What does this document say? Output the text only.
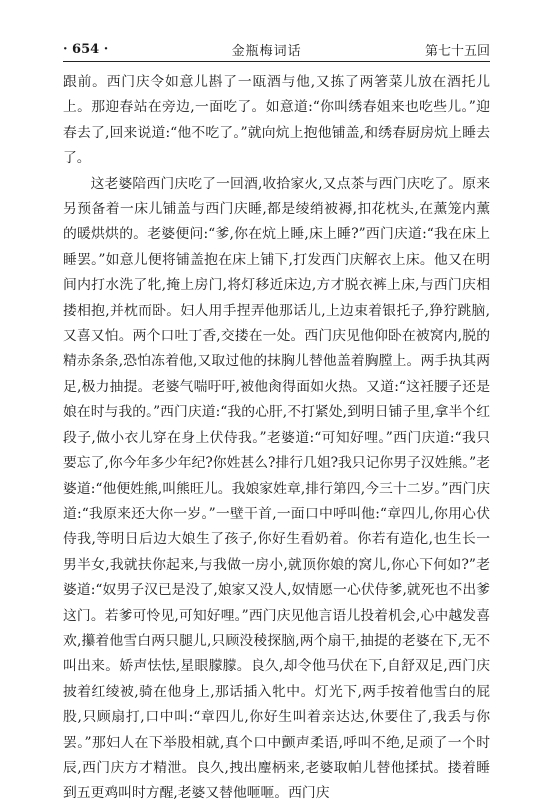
· 654 ·	金瓶梅词话	第七十五回

跟前。西门庆令如意儿斟了一瓯酒与他,又拣了两箸菜儿放在酒托儿上。那迎春站在旁边,一面吃了。如意道:“你叫绣春姐来也吃些儿。”迎春去了,回来说道:“他不吃了。”就向炕上抱他铺盖,和绣春厨房炕上睡去了。

这老婆陪西门庆吃了一回酒,收拾家火,又点茶与西门庆吃了。原来另预备着一床儿铺盖与西门庆睡,都是绫绡被褥,扣花枕头,在薰笼内薰的暖烘烘的。老婆便问:“爹,你在炕上睡,床上睡?”西门庆道:“我在床上睡罢。”如意儿便将铺盖抱在床上铺下,打发西门庆解衣上床。他又在明间内打水洗了牝,掩上房门,将灯移近床边,方才脱衣裤上床,与西门庆相搂相抱,并枕而卧。妇人用手捏弄他那话儿,上边束着银托子,狰狞跳脑,又喜又怕。两个口吐丁香,交搂在一处。西门庆见他仰卧在被窝内,脱的精赤条条,恐怕冻着他,又取过他的抹胸儿替他盖着胸膛上。两手执其两足,极力抽提。老婆气喘吁吁,被他肏得面如火热。又道:“这衽腰子还是娘在时与我的。”西门庆道:“我的心肝,不打紧处,到明日铺子里,拿半个红段子,做小衣儿穿在身上伏侍我。”老婆道:“可知好哩。”西门庆道:“我只要忘了,你今年多少年纪?你姓甚么?排行几姐?我只记你男子汉姓熊。”老婆道:“他便姓熊,叫熊旺儿。我娘家姓章,排行第四,今三十二岁。”西门庆道:“我原来还大你一岁。”一壁干首,一面口中呼叫他:“章四儿,你用心伏侍我,等明日后边大娘生了孩子,你好生看奶着。你若有造化,也生长一男半女,我就扶你起来,与我做一房小,就顶你娘的窝儿,你心下何如?”老婆道:“奴男子汉已是没了,娘家又没人,奴情愿一心伏侍爹,就死也不出爹这门。若爹可怜见,可知好哩。”西门庆见他言语儿投着机会,心中越发喜欢,攥着他雪白两只腿儿,只顾没稜探脑,两个扇干,抽提的老婆在下,无不叫出来。娇声怯怯,星眼朦朦。良久,却令他马伏在下,自舒双足,西门庆披着红绫被,骑在他身上,那话插入牝中。灯光下,两手按着他雪白的屁股,只顾扇打,口中叫:“章四儿,你好生叫着亲达达,休要住了,我丢与你罢。”那妇人在下举股相就,真个口中颤声柔语,呼叫不绝,足顽了一个时辰,西门庆方才精泄。良久,拽出麈柄来,老婆取帕儿替他揉拭。搂着睡到五更鸡叫时方醒,老婆又替他咂咂。西门庆
